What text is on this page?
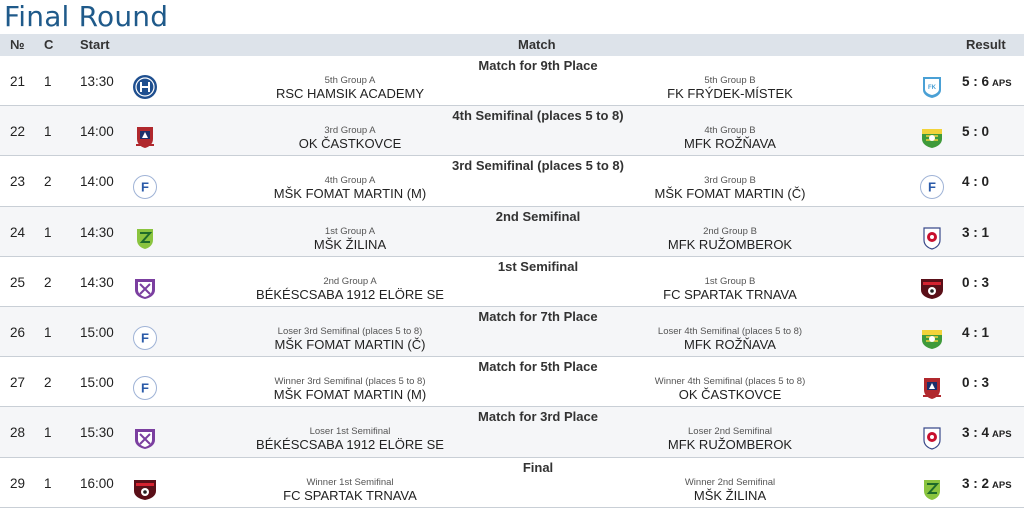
Final Round
№ C Start	Match	Result
21 1 13:30
Match for 9th Place
5th Group A
RSC HAMSIK ACADEMY
5th Group B
FK FRÝDEK-MÍSTEK	FK 5 : 6 APS
22 1 14:00
4th Semifinal (places 5 to 8)
3rd Group A
OK ČASTKOVCE
4th Group B
MFK ROŽŇAVA
5 : 0
23 2 14:00 F
3rd Semifinal (places 5 to 8)
4th Group A
MŠK FOMAT MARTIN (M)
3rd Group B
MŠK FOMAT MARTIN (Č)	F 4 : 0
24 1 14:30
2nd Semifinal
1st Group A
MŠK ŽILINA
2nd Group B
MFK RUŽOMBEROK
3 : 1
25 2 14:30
1st Semifinal
2nd Group A
BÉKÉSCSABA 1912 ELÖRE SE
1st Group B
FC SPARTAK TRNAVA
0 : 3
26 1 15:00 F
Match for 7th Place
Loser 3rd Semifinal (places 5 to 8)
MŠK FOMAT MARTIN (Č)
Loser 4th Semifinal (places 5 to 8)
MFK ROŽŇAVA
4 : 1
27 2 15:00 F
Match for 5th Place
Winner 3rd Semifinal (places 5 to 8)
MŠK FOMAT MARTIN (M)
Winner 4th Semifinal (places 5 to 8)
OK ČASTKOVCE
0 : 3
28 1 15:30
Match for 3rd Place
Loser 1st Semifinal
BÉKÉSCSABA 1912 ELÖRE SE
Loser 2nd Semifinal
MFK RUŽOMBEROK
3 : 4 APS
29 1 16:00
Final
Winner 1st Semifinal
FC SPARTAK TRNAVA
Winner 2nd Semifinal
MŠK ŽILINA
3 : 2 APS
